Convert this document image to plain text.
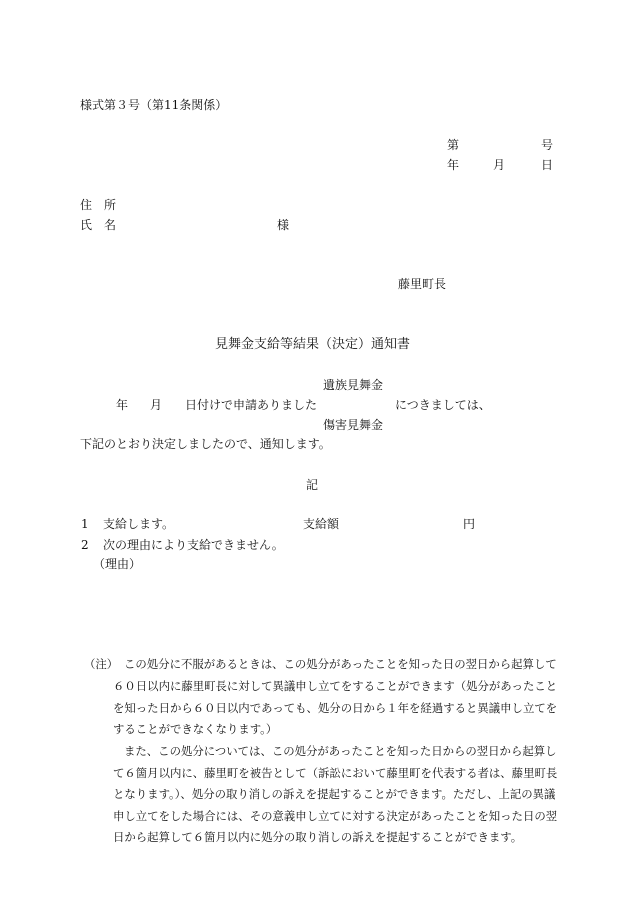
様式第３号（第11条関係）
第	号
年	月	日
住　所
氏　名	様
藤里町長
見舞金支給等結果（決定）通知書
遺族見舞金
年 月 日付けで申請ありました	につきましては、
傷害見舞金
下記のとおり決定しましたので、通知します。
記
1 支給します。	支給額	円
2 次の理由により支給できません。
（理由）
（注） この処分に不服があるときは、この処分があったことを知った日の翌日から起算して
６０日以内に藤里町長に対して異議申し立てをすることができます（処分があったこと
を知った日から６０日以内であっても、処分の日から１年を経過すると異議申し立てを
することができなくなります。）
また、この処分については、この処分があったことを知った日からの翌日から起算し
て６箇月以内に、藤里町を被告として（訴訟において藤里町を代表する者は、藤里町長
となります。）、処分の取り消しの訴えを提起することができます。ただし、上記の異議
申し立てをした場合には、その意義申し立てに対する決定があったことを知った日の翌
日から起算して６箇月以内に処分の取り消しの訴えを提起することができます。
